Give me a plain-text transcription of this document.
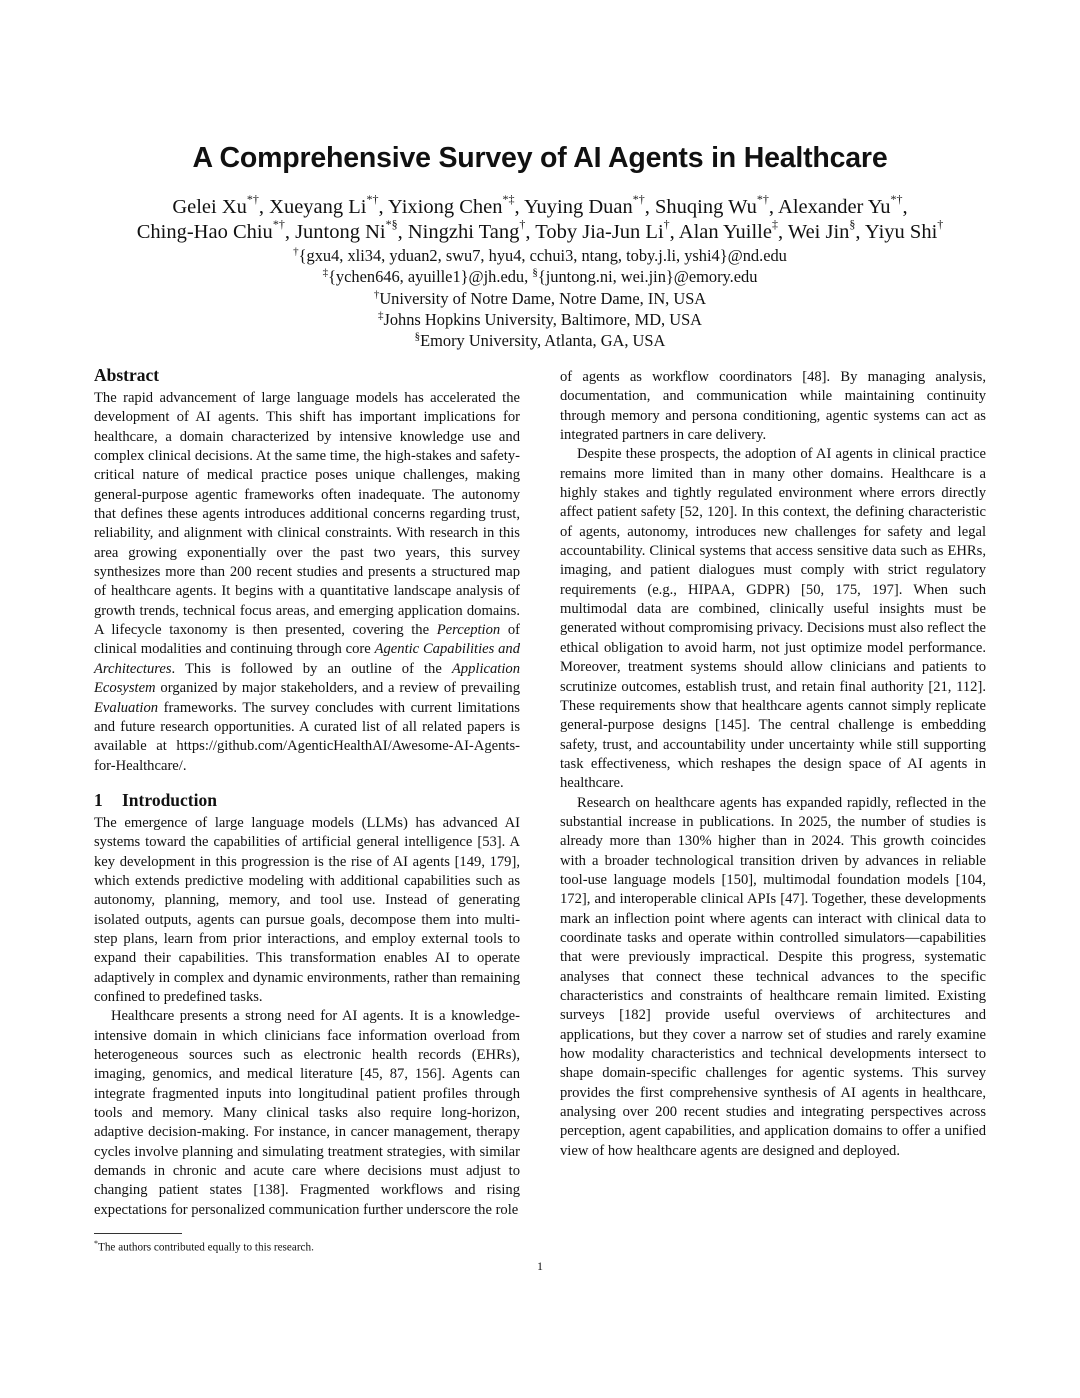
A Comprehensive Survey of AI Agents in Healthcare
Gelei Xu*†, Xueyang Li*†, Yixiong Chen*‡, Yuying Duan*†, Shuqing Wu*†, Alexander Yu*†,
Ching-Hao Chiu*†, Juntong Ni*§, Ningzhi Tang†, Toby Jia-Jun Li†, Alan Yuille‡, Wei Jin§, Yiyu Shi†
†{gxu4, xli34, yduan2, swu7, hyu4, cchui3, ntang, toby.j.li, yshi4}@nd.edu
‡{ychen646, ayuille1}@jh.edu, §{juntong.ni, wei.jin}@emory.edu
†University of Notre Dame, Notre Dame, IN, USA
‡Johns Hopkins University, Baltimore, MD, USA
§Emory University, Atlanta, GA, USA
Abstract

The rapid advancement of large language models has accelerated the development of AI agents. This shift has important implications for healthcare, a domain characterized by intensive knowledge use and complex clinical decisions. At the same time, the high-stakes and safety-critical nature of medical practice poses unique challenges, making general-purpose agentic frameworks often inadequate. The autonomy that defines these agents introduces additional concerns regarding trust, reliability, and alignment with clinical constraints. With research in this area growing exponentially over the past two years, this survey synthesizes more than 200 recent studies and presents a structured map of healthcare agents. It begins with a quantitative landscape analysis of growth trends, technical focus areas, and emerging application domains. A lifecycle taxonomy is then presented, covering the Perception of clinical modalities and continuing through core Agentic Capabilities and Architectures. This is followed by an outline of the Application Ecosystem organized by major stakeholders, and a review of prevailing Evaluation frameworks. The survey concludes with current limitations and future research opportunities. A curated list of all related papers is available at https://github.com/AgenticHealthAI/Awesome-AI-Agents-for-Healthcare/.

1 Introduction

The emergence of large language models (LLMs) has advanced AI systems toward the capabilities of artificial general intelligence [53]. A key development in this progression is the rise of AI agents [149, 179], which extends predictive modeling with additional capabilities such as autonomy, planning, memory, and tool use. Instead of generating isolated outputs, agents can pursue goals, decompose them into multi-step plans, learn from prior interactions, and employ external tools to expand their capabilities. This transformation enables AI to operate adaptively in complex and dynamic environments, rather than remaining confined to predefined tasks.

Healthcare presents a strong need for AI agents. It is a knowledge-intensive domain in which clinicians face information overload from heterogeneous sources such as electronic health records (EHRs), imaging, genomics, and medical literature [45, 87, 156]. Agents can integrate fragmented inputs into longitudinal patient profiles through tools and memory. Many clinical tasks also require long-horizon, adaptive decision-making. For instance, in cancer management, therapy cycles involve planning and simulating treatment strategies, with similar demands in chronic and acute care where decisions must adjust to changing patient states [138]. Fragmented workflows and rising expectations for personalized communication further underscore the role

of agents as workflow coordinators [48]. By managing analysis, documentation, and communication while maintaining continuity through memory and persona conditioning, agentic systems can act as integrated partners in care delivery.

Despite these prospects, the adoption of AI agents in clinical practice remains more limited than in many other domains. Healthcare is a highly stakes and tightly regulated environment where errors directly affect patient safety [52, 120]. In this context, the defining characteristic of agents, autonomy, introduces new challenges for safety and legal accountability. Clinical systems that access sensitive data such as EHRs, imaging, and patient dialogues must comply with strict regulatory requirements (e.g., HIPAA, GDPR) [50, 175, 197]. When such multimodal data are combined, clinically useful insights must be generated without compromising privacy. Decisions must also reflect the ethical obligation to avoid harm, not just optimize model performance. Moreover, treatment systems should allow clinicians and patients to scrutinize outcomes, establish trust, and retain final authority [21, 112]. These requirements show that healthcare agents cannot simply replicate general-purpose designs [145]. The central challenge is embedding safety, trust, and accountability under uncertainty while still supporting task effectiveness, which reshapes the design space of AI agents in healthcare.

Research on healthcare agents has expanded rapidly, reflected in the substantial increase in publications. In 2025, the number of studies is already more than 130% higher than in 2024. This growth coincides with a broader technological transition driven by advances in reliable tool-use language models [150], multimodal foundation models [104, 172], and interoperable clinical APIs [47]. Together, these developments mark an inflection point where agents can interact with clinical data to coordinate tasks and operate within controlled simulators—capabilities that were previously impractical. Despite this progress, systematic analyses that connect these technical advances to the specific characteristics and constraints of healthcare remain limited. Existing surveys [182] provide useful overviews of architectures and applications, but they cover a narrow set of studies and rarely examine how modality characteristics and technical developments intersect to shape domain-specific challenges for agentic systems. This survey provides the first comprehensive synthesis of AI agents in healthcare, analysing over 200 recent studies and integrating perspectives across perception, agent capabilities, and application domains to offer a unified view of how healthcare agents are designed and deployed.

*The authors contributed equally to this research.
1
